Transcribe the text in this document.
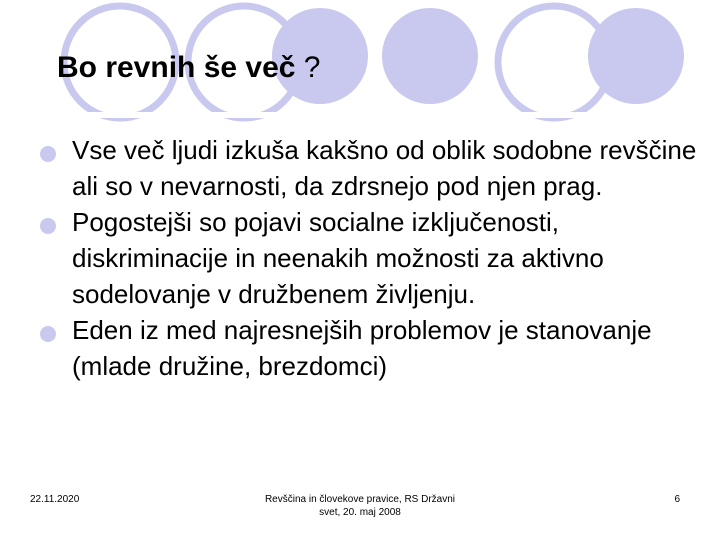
Bo revnih še več ?
Vse več ljudi izkuša kakšno od oblik sodobne revščine ali so v nevarnosti, da zdrsnejo pod njen prag.
Pogostejši so pojavi socialne izključenosti, diskriminacije in neenakih možnosti za aktivno sodelovanje v družbenem življenju.
Eden iz med najresnejših problemov je stanovanje (mlade družine, brezdomci)
22.11.2020	Revščina in človekove pravice, RS Državni
svet, 20. maj 2008
6
